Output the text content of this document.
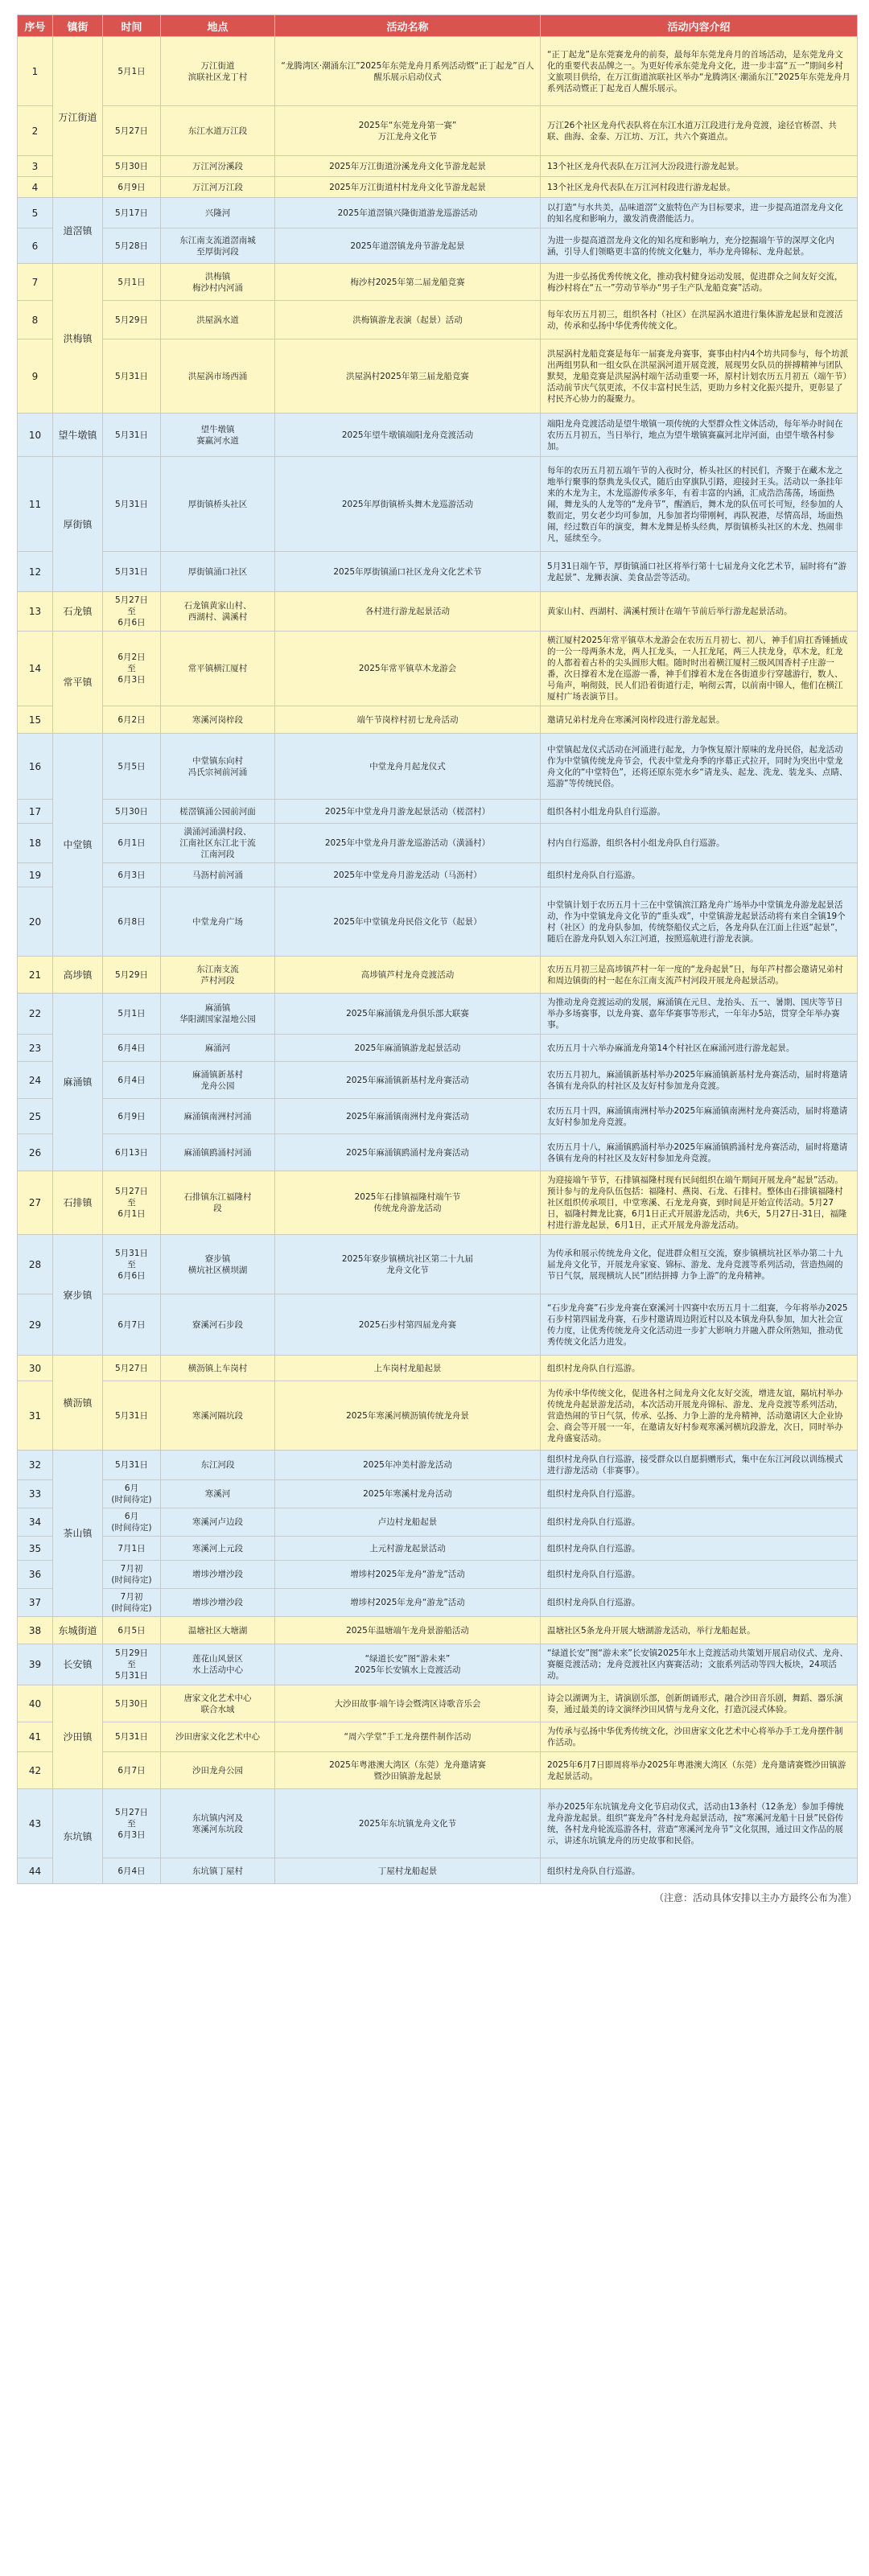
序号	镇街	时间	地点	活动名称	活动内容介绍
1	万江街道	5月1日	万江街道
滨联社区龙丁村	“龙腾湾区·潮涌东江”2025年东莞龙舟月系列活动暨“正丁起龙”百人醒乐展示启动仪式	“正丁起龙”是东莞赛龙舟的前奏，最每年东莞龙舟月的首场活动，是东莞龙舟文化的重要代表品牌之一。为更好传承东莞龙舟文化，进一步丰富“五一”期间乡村文旅项目供给，在万江街道滨联社区举办“龙腾湾区·潮涌东江”2025年东莞龙舟月系列活动暨正丁起龙百人醒乐展示。
2		5月27日	东江水道万江段	2025年“东莞龙舟第一赛”
万江龙舟文化节	万江26个社区龙舟代表队将在东江水道万江段进行龙舟竞渡，途径官桥滘、共联、曲海、金泰、万江坊、万江，共六个赛道点。
3		5月30日	万江河汾溪段	2025年万江街道汾溪龙舟文化节游龙起景	13个社区龙舟代表队在万江河大汾段进行游龙起景。
4		6月9日	万江河万江段	2025年万江街道村村龙舟文化节游龙起景	13个社区龙舟代表队在万江河村段进行游龙起景。
5	道滘镇	5月17日	兴隆河	2025年道滘镇兴隆街道游龙巡游活动	以打造“与水共美，品味道滘”文旅特色产为目标要求，进一步提高道滘龙舟文化的知名度和影响力，激发消费潜能活力。
6		5月28日	东江南支流道滘南城
至厚街河段	2025年道滘镇龙舟节游龙起景	为进一步提高道滘龙舟文化的知名度和影响力，充分挖掘端午节的深厚文化内涵，引导人们领略更丰富的传统文化魅力，举办龙舟锦标、龙舟起景。
7	洪梅镇	5月1日	洪梅镇
梅沙村内河涌	梅沙村2025年第二届龙船竞赛	为进一步弘扬优秀传统文化，推动我村健身运动发展，促进群众之间友好交流，梅沙村将在“五一”劳动节举办“男子生产队龙船竞赛”活动。
8		5月29日	洪屋涡水道	洪梅镇游龙表演（起景）活动	每年农历五月初三，组织各村（社区）在洪屋涡水道进行集体游龙起景和竞渡活动，传承和弘扬中华优秀传统文化。
9		5月31日	洪屋涡市场西涌	洪屋涡村2025年第三届龙船竞赛	洪屋涡村龙船竞赛是每年一届赛龙舟赛事，赛事由村内4个坊共同参与，每个坊派出两组男队和一组女队在洪屋涡河道开展竞渡，展现男女队员的拼搏精神与团队默契，龙船竞赛是洪屋涡村端午活动重要一环，原村计划农历五月初五（端午节）活动前节庆气氛更浓，不仅丰富村民生活，更助力乡村文化振兴提升，更彰显了村民齐心协力的凝聚力。
10	望牛墩镇	5月31日	望牛墩镇
赛赢河水道	2025年望牛墩镇端阳龙舟竞渡活动	端阳龙舟竞渡活动是望牛墩镇一项传统的大型群众性文体活动，每年举办时间在农历五月初五，当日举行，地点为望牛墩镇赛赢河北岸河面，由望牛墩各村参加。
11	厚街镇	5月31日	厚街镇桥头社区	2025年厚街镇桥头舞木龙巡游活动	每年的农历五月初五端午节的入夜时分，桥头社区的村民们，齐聚于在藏木龙之地举行聚事的祭典龙头仪式，随后由穿旗队引路，迎接封王头。活动以一条挂年来的木龙为主，木龙巡游传承多年，有着丰富的内涵，汇成浩浩荡荡，场面热闹，舞龙头的人龙等的“龙舟节”，醒酒后，舞木龙的队伍可长可短，经参加的人数而定，男女老少均可参加，凡参加者均带刚柯，再队祝港，尽情高昂，场面热闹，经过数百年的演变，舞木龙舞是桥头经典，厚街镇桥头社区的木龙、热闹非凡，延续至今。
12		5月31日	厚街镇涌口社区	2025年厚街镇涌口社区龙舟文化艺术节	5月31日端午节，厚街镇涌口社区将举行第十七届龙舟文化艺术节，届时将有“游龙起景”、龙狮表演、美食品尝等活动。
13	石龙镇	5月27日
至
6月6日	石龙镇黄家山村、
西湖村、满溪村	各村进行游龙起景活动	黄家山村、西湖村、满溪村预计在端午节前后举行游龙起景活动。
14	常平镇	6月2日
至
6月3日	常平镇横江厦村	2025年常平镇草木龙游会	横江厦村2025年常平镇草木龙游会在农历五月初七、初八，神手们肩扛香锤插成的一公一母两条木龙，两人扛龙头，一人扛龙尾，两三人扶龙身，草木龙，红龙的人都着着古朴的尖头圆形大帽。随时时出着横江厦村三级风国香村子庄游一番，次日撑着木龙在巡游一番，神手们撑着木龙在各街道步行穿越游行，数人、号角声，响彻鼓，民人们沿着街道行走，响彻云霄，以前南中锦人，他们在横江厦村广场表演节目。
15		6月2日	寒溪河岗梓段	端午节岗梓村初七龙舟活动	邀请兄弟村龙舟在寒溪河岗梓段进行游龙起景。
16	中堂镇	5月5日	中堂镇东向村
冯氏宗祠前河涌	中堂龙舟月起龙仪式	中堂镇起龙仪式活动在河涌进行起龙，力争恢复原汁原味的龙舟民俗，起龙活动作为中堂镇传统龙舟节会，代表中堂龙舟季的序幕正式拉开，同时为突出中堂龙舟文化的“中堂特色”，还将还原东莞水乡“请龙头、起龙、洗龙、装龙头、点睛、巡游”等传统民俗。
17		5月30日	槎滘镇涌公园前河面	2025年中堂龙舟月游龙起景活动（槎滘村）	组织各村小组龙舟队自行巡游。
18		6月1日	潢涌河涌潢村段、
江南社区东江北干流
江南河段	2025年中堂龙舟月游龙巡游活动（潢涌村）	村内自行巡游，组织各村小组龙舟队自行巡游。
19		6月3日	马沥村前河涌	2025年中堂龙舟月游龙活动（马沥村）	组织村龙舟队自行巡游。
20		6月8日	中堂龙舟广场	2025年中堂镇龙舟民俗文化节（起景）	中堂镇计划于农历五月十三在中堂镇滨江路龙舟广场举办中堂镇龙舟游龙起景活动，作为中堂镇龙舟文化节的“重头戏”，中堂镇游龙起景活动将有来自全镇19个村（社区）的龙舟队参加，传统祭船仪式之后，各龙舟队在江面上往返“起景”，随后在游龙舟队划入东江河道，按照巡航进行游龙表演。
21	高埗镇	5月29日	东江南支流
芦村河段	高埗镇芦村龙舟竞渡活动	农历五月初三是高埗镇芦村一年一度的“龙舟起景”日，每年芦村都会邀请兄弟村和周边镇街的村一起在东江南支流芦村河段开展龙舟起景活动。
22	麻涌镇	5月1日	麻涌镇
华阳湖国家湿地公园	2025年麻涌镇龙舟俱乐部大联赛	为推动龙舟竞渡运动的发展，麻涌镇在元旦、龙抬头、五一、暑期、国庆等节日举办多场赛事，以龙舟赛、嘉年华赛事等形式，一年年办5站，贯穿全年举办赛事。
23		6月4日	麻涌河	2025年麻涌镇游龙起景活动	农历五月十六举办麻涌龙舟第14个村社区在麻涌河进行游龙起景。
24		6月4日	麻涌镇新基村
龙舟公园	2025年麻涌镇新基村龙舟赛活动	农历五月初九，麻涌镇新基村举办2025年麻涌镇新基村龙舟赛活动，届时将邀请各镇有龙舟队的村社区及友好村参加龙舟竞渡。
25		6月9日	麻涌镇南洲村河涌	2025年麻涌镇南洲村龙舟赛活动	农历五月十四，麻涌镇南洲村举办2025年麻涌镇南洲村龙舟赛活动，届时将邀请友好村参加龙舟竞渡。
26		6月13日	麻涌镇鸥涌村河涌	2025年麻涌镇鸥涌村龙舟赛活动	农历五月十八，麻涌镇鸥涌村举办2025年麻涌镇鸥涌村龙舟赛活动，届时将邀请各镇有龙舟的村社区及友好村参加龙舟竞渡。
27	石排镇	5月27日
至
6月1日	石排镇东江福隆村
段	2025年石排镇福隆村端午节
传统龙舟游龙活动	为迎接端午节节，石排镇福隆村现有民间组织在端午期间开展龙舟“起景”活动。预计参与的龙舟队伍包括：福隆村、燕岗、石龙、石排村。整体由石排镇福隆村社区组织传承项目，中堂寒溪、石龙龙舟赛，到时间是开始宣传活动。5月27日，福隆村舞龙比赛，6月1日正式开展游龙活动，共6天，5月27日-31日，福隆村进行游龙起景，6月1日，正式开展龙舟游龙活动。
28	寮步镇	5月31日
至
6月6日	寮步镇
横坑社区横坝湖	2025年寮步镇横坑社区第二十九届
龙舟文化节	为传承和展示传统龙舟文化，促进群众相互交流，寮步镇横坑社区举办第二十九届龙舟文化节，开展龙舟家宴、锦标、游龙、龙舟竞渡等系列活动，营造热闹的节日气氛，展现横坑人民“团结拼搏 力争上游”的龙舟精神。
29		6月7日	寮溪河石步段	2025石步村第四届龙舟赛	“石步龙舟赛”石步龙舟赛在寮溪河十四赛中农历五月十二组赛，今年将举办2025石步村第四届龙舟赛，石步村邀请周边附近村以及本镇龙舟队参加，加大社会宣传力度，让优秀传统龙舟文化活动进一步扩大影响力并融入群众所熟知，推动优秀传统文化活力进发。
30	横沥镇	5月27日	横沥镇上车岗村	上车岗村龙船起景	组织村龙舟队自行巡游。
31		5月31日	寒溪河隔坑段	2025年寒溪河横沥镇传统龙舟景	为传承中华传统文化，促进各村之间龙舟文化友好交流，增进友谊，隔坑村举办传统龙舟起景游龙活动，本次活动开展龙舟锦标、游龙、龙舟竞渡等系列活动，营造热闹的节日气氛，传承、弘扬、力争上游的龙舟精神，活动邀请区大企业协会、商会等开展一一年，在邀请友好村参观寒溪河横坑段游龙，次日，同时举办龙舟盛宴活动。
32	茶山镇	5月31日	东江河段	2025年冲美村游龙活动	组织村龙舟队自行巡游，接受群众以自愿捐赠形式，集中在东江河段以训练模式进行游龙活动（非赛事）。
33		6月
(时间待定)	寒溪河	2025年寒溪村龙舟活动	组织村龙舟队自行巡游。
34		6月
(时间待定)	寒溪河卢边段	卢边村龙船起景	组织村龙舟队自行巡游。
35		7月1日	寒溪河上元段	上元村游龙起景活动	组织村龙舟队自行巡游。
36		7月初
(时间待定)	增埗沙增沙段	增埗村2025年龙舟“游龙”活动	组织村龙舟队自行巡游。
37		7月初
(时间待定)	增埗沙增沙段	增埗村2025年龙舟“游龙”活动	组织村龙舟队自行巡游。
38	东城街道	6月5日	温塘社区大塘湖	2025年温塘端午龙舟景游船活动	温塘社区5条龙舟开展大塘湖游龙活动，举行龙船起景。
39	长安镇	5月29日
至
5月31日	莲花山风景区
水上活动中心	“绿道长安”图“游未来”
2025年长安镇水上竞渡活动	“绿道长安”图“游未来”长安镇2025年水上竞渡活动共策划开展启动仪式、龙舟、赛艇竞渡活动；龙舟竞渡社区内赛赛活动；文旅系列活动等四大板块，24项活动。
40	沙田镇	5月30日	唐家文化艺术中心
联合水域	大沙田故事·端午诗会暨湾区诗歌音乐会	诗会以湖调为主，请演剧乐部，创新朗诵形式，融合沙田音乐剧，舞蹈、器乐演奏，通过最美的诗文演绎沙田风情与龙舟文化，打造沉浸式体验。
41		5月31日	沙田唐家文化艺术中心	“周六学堂”手工龙舟摆件制作活动	为传承与弘扬中华优秀传统文化，沙田唐家文化艺术中心将举办手工龙舟摆件制作活动。
42		6月7日	沙田龙舟公园	2025年粤港澳大湾区（东莞）龙舟邀请赛
暨沙田镇游龙起景	2025年6月7日即周将举办2025年粤港澳大湾区（东莞）龙舟邀请赛暨沙田镇游龙起景活动。
43	东坑镇	5月27日
至
6月3日	东坑镇内河及
寒溪河东坑段	2025年东坑镇龙舟文化节	举办2025年东坑镇龙舟文化节启动仪式，活动由13条村（12条龙）参加手傅统龙舟游龙起景。组织“赛龙舟”各村龙舟起景活动，按“寒溪河龙船十日景”民俗传统，各村龙舟轮流巡游各村，营造“寒溪河龙舟节”文化氛围，通过田文作品的展示，讲述东坑镇龙舟的历史故事和民俗。
44		6月4日	东坑镇丁屋村	丁屋村龙船起景	组织村龙舟队自行巡游。
（注意：活动具体安排以主办方最终公布为准）
